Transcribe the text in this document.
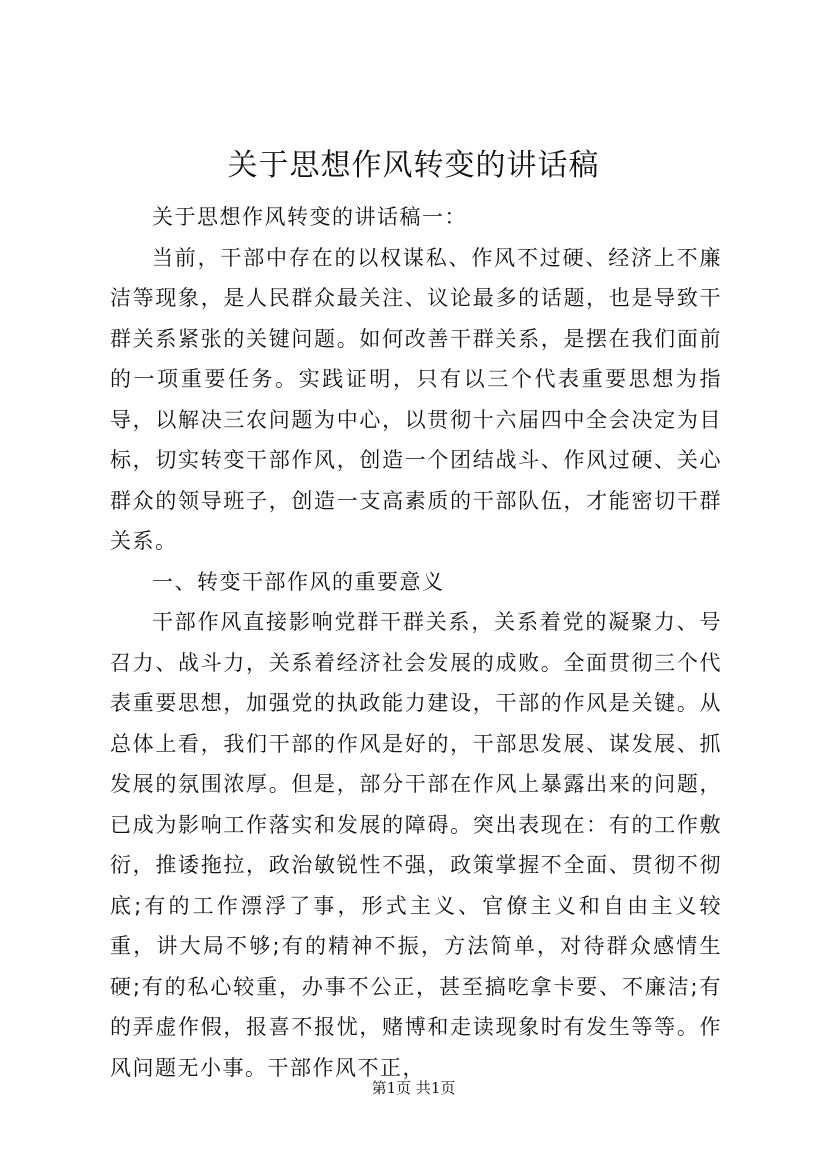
关于思想作风转变的讲话稿

关于思想作风转变的讲话稿一：

当前，干部中存在的以权谋私、作风不过硬、经济上不廉洁等现象，是人民群众最关注、议论最多的话题，也是导致干群关系紧张的关键问题。如何改善干群关系，是摆在我们面前的一项重要任务。实践证明，只有以三个代表重要思想为指导，以解决三农问题为中心，以贯彻十六届四中全会决定为目标，切实转变干部作风，创造一个团结战斗、作风过硬、关心群众的领导班子，创造一支高素质的干部队伍，才能密切干群关系。

一、转变干部作风的重要意义

干部作风直接影响党群干群关系，关系着党的凝聚力、号召力、战斗力，关系着经济社会发展的成败。全面贯彻三个代表重要思想，加强党的执政能力建设，干部的作风是关键。从总体上看，我们干部的作风是好的，干部思发展、谋发展、抓发展的氛围浓厚。但是，部分干部在作风上暴露出来的问题，已成为影响工作落实和发展的障碍。突出表现在：有的工作敷衍，推诿拖拉，政治敏锐性不强，政策掌握不全面、贯彻不彻底;有的工作漂浮了事，形式主义、官僚主义和自由主义较重，讲大局不够;有的精神不振，方法简单，对待群众感情生硬;有的私心较重，办事不公正，甚至搞吃拿卡要、不廉洁;有的弄虚作假，报喜不报忧，赌博和走读现象时有发生等等。作风问题无小事。干部作风不正，

第1页 共1页
